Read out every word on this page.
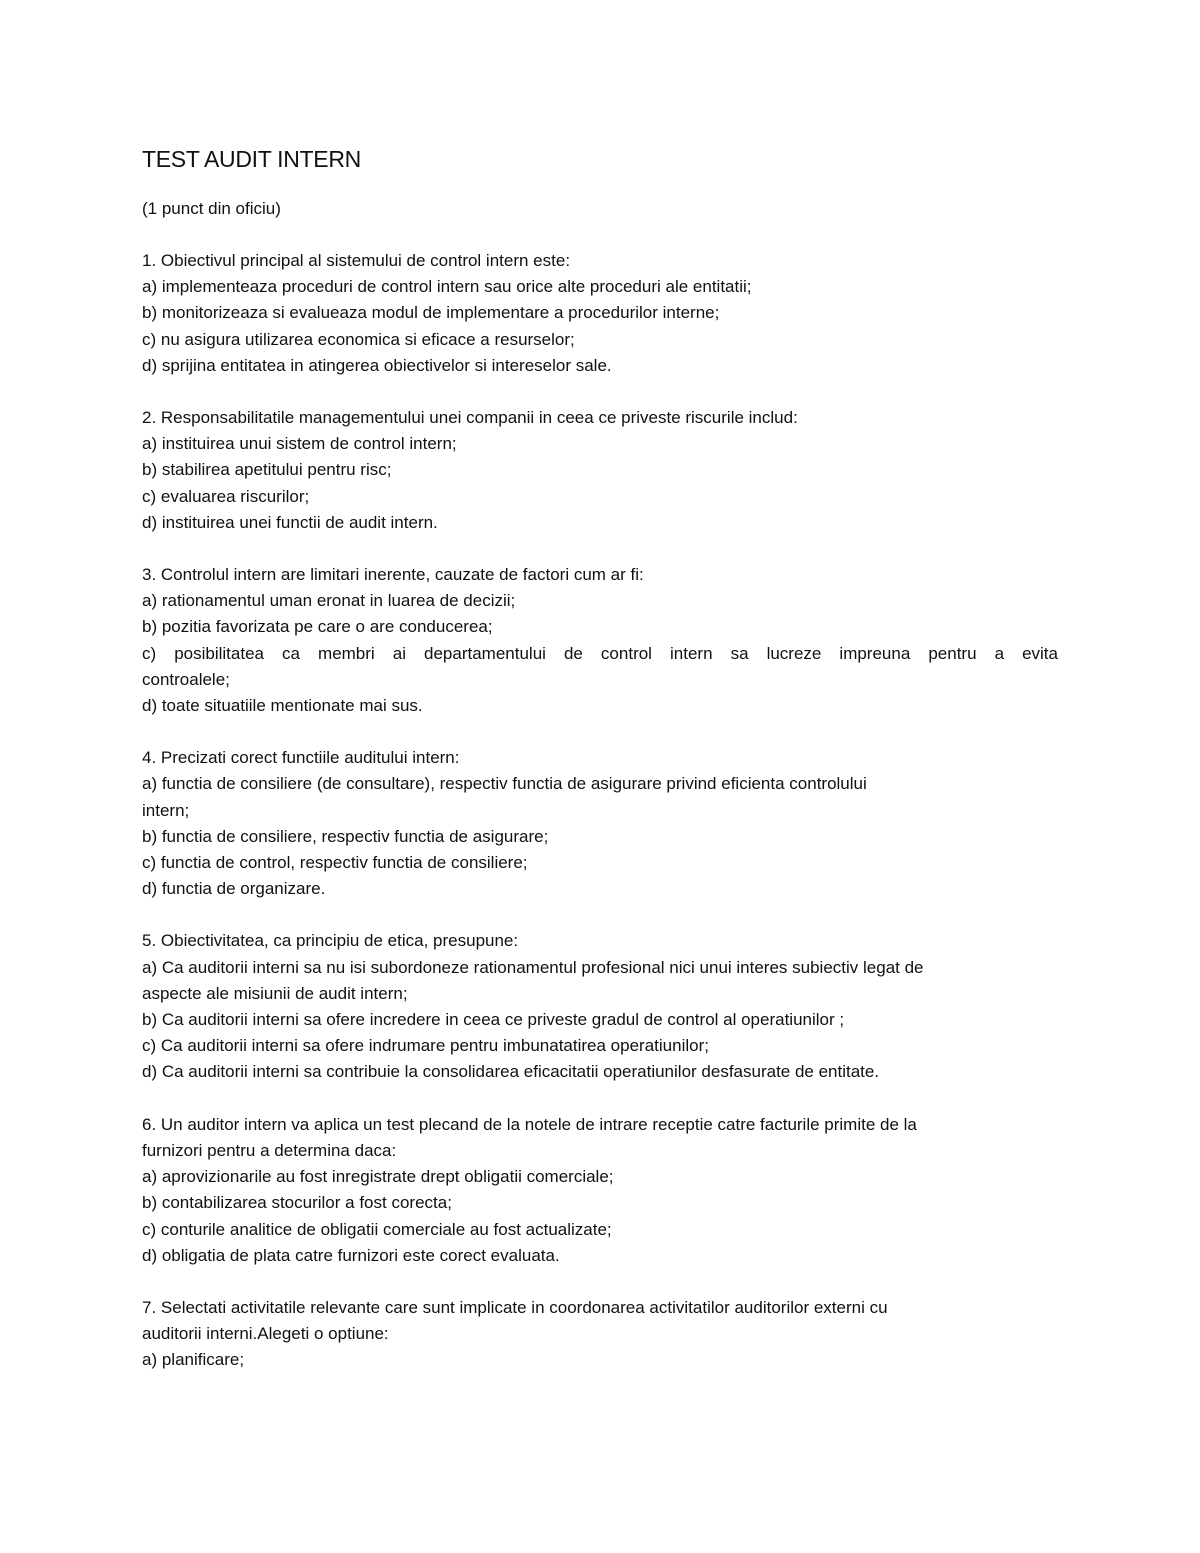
TEST AUDIT INTERN
(1 punct din oficiu)

1. Obiectivul principal al sistemului de control intern este:

a) implementeaza proceduri de control intern sau orice alte proceduri ale entitatii;

b) monitorizeaza si evalueaza modul de implementare a procedurilor interne;

c) nu asigura utilizarea economica si eficace a resurselor;

d) sprijina entitatea in atingerea obiectivelor si intereselor sale.

2. Responsabilitatile managementului unei companii in ceea ce priveste riscurile includ:

a) instituirea unui sistem de control intern;

b) stabilirea apetitului pentru risc;

c) evaluarea riscurilor;

d) instituirea unei functii de audit intern.

3. Controlul intern are limitari inerente, cauzate de factori cum ar fi:

a) rationamentul uman eronat in luarea de decizii;

b) pozitia favorizata pe care o are conducerea;

c) posibilitatea ca membri ai departamentului de control intern sa lucreze impreuna pentru a evita

controalele;

d) toate situatiile mentionate mai sus.

4. Precizati corect functiile auditului intern:

a) functia de consiliere (de consultare), respectiv functia de asigurare privind eficienta controlului

intern;

b) functia de consiliere, respectiv functia de asigurare;

c) functia de control, respectiv functia de consiliere;

d) functia de organizare.

5. Obiectivitatea, ca principiu de etica, presupune:

a) Ca auditorii interni sa nu isi subordoneze rationamentul profesional nici unui interes subiectiv legat de

aspecte ale misiunii de audit intern;

b) Ca auditorii interni sa ofere incredere in ceea ce priveste gradul de control al operatiunilor ;

c) Ca auditorii interni sa ofere indrumare pentru imbunatatirea operatiunilor;

d) Ca auditorii interni sa contribuie la consolidarea eficacitatii operatiunilor desfasurate de entitate.

6. Un auditor intern va aplica un test plecand de la notele de intrare receptie catre facturile primite de la

furnizori pentru a determina daca:

a) aprovizionarile au fost inregistrate drept obligatii comerciale;

b) contabilizarea stocurilor a fost corecta;

c) conturile analitice de obligatii comerciale au fost actualizate;

d) obligatia de plata catre furnizori este corect evaluata.

7. Selectati activitatile relevante care sunt implicate in coordonarea activitatilor auditorilor externi cu

auditorii interni.Alegeti o optiune:

a) planificare;
